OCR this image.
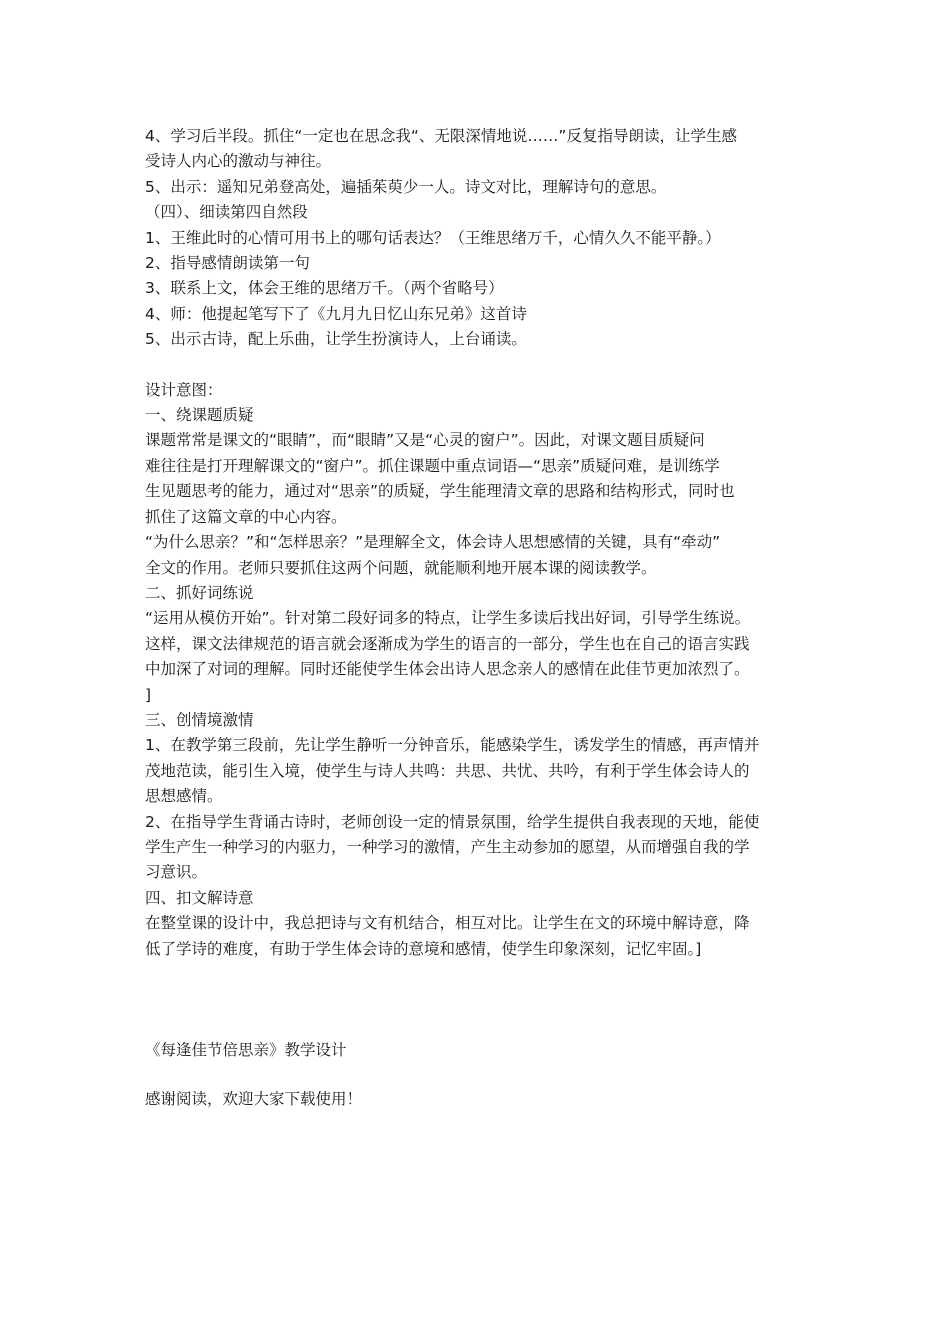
4、学习后半段。抓住“一定也在思念我“、无限深情地说……”反复指导朗读，让学生感

受诗人内心的激动与神往。

5、出示：遥知兄弟登高处，遍插茱萸少一人。诗文对比，理解诗句的意思。

（四）、细读第四自然段

1、王维此时的心情可用书上的哪句话表达？（王维思绪万千，心情久久不能平静。）

2、指导感情朗读第一句

3、联系上文，体会王维的思绪万千。（两个省略号）

4、师：他提起笔写下了《九月九日忆山东兄弟》这首诗

5、出示古诗，配上乐曲，让学生扮演诗人，上台诵读。

设计意图：

一、绕课题质疑

课题常常是课文的“眼睛”，而“眼睛”又是“心灵的窗户”。因此，对课文题目质疑问

难往往是打开理解课文的“窗户”。抓住课题中重点词语—“思亲”质疑问难，是训练学

生见题思考的能力，通过对“思亲”的质疑，学生能理清文章的思路和结构形式，同时也

抓住了这篇文章的中心内容。

“为什么思亲？”和“怎样思亲？”是理解全文，体会诗人思想感情的关键，具有“牵动”

全文的作用。老师只要抓住这两个问题，就能顺利地开展本课的阅读教学。

二、抓好词练说

“运用从模仿开始”。针对第二段好词多的特点，让学生多读后找出好词，引导学生练说。

这样，课文法律规范的语言就会逐渐成为学生的语言的一部分，学生也在自己的语言实践

中加深了对词的理解。同时还能使学生体会出诗人思念亲人的感情在此佳节更加浓烈了。

]

三、创情境激情

1、在教学第三段前，先让学生静听一分钟音乐，能感染学生，诱发学生的情感，再声情并

茂地范读，能引生入境，使学生与诗人共鸣：共思、共忧、共吟，有利于学生体会诗人的

思想感情。

2、在指导学生背诵古诗时，老师创设一定的情景氛围，给学生提供自我表现的天地，能使

学生产生一种学习的内驱力，一种学习的激情，产生主动参加的愿望，从而增强自我的学

习意识。

四、扣文解诗意

在整堂课的设计中，我总把诗与文有机结合，相互对比。让学生在文的环境中解诗意，降

低了学诗的难度，有助于学生体会诗的意境和感情，使学生印象深刻，记忆牢固。]

《每逢佳节倍思亲》教学设计

感谢阅读，欢迎大家下载使用！
